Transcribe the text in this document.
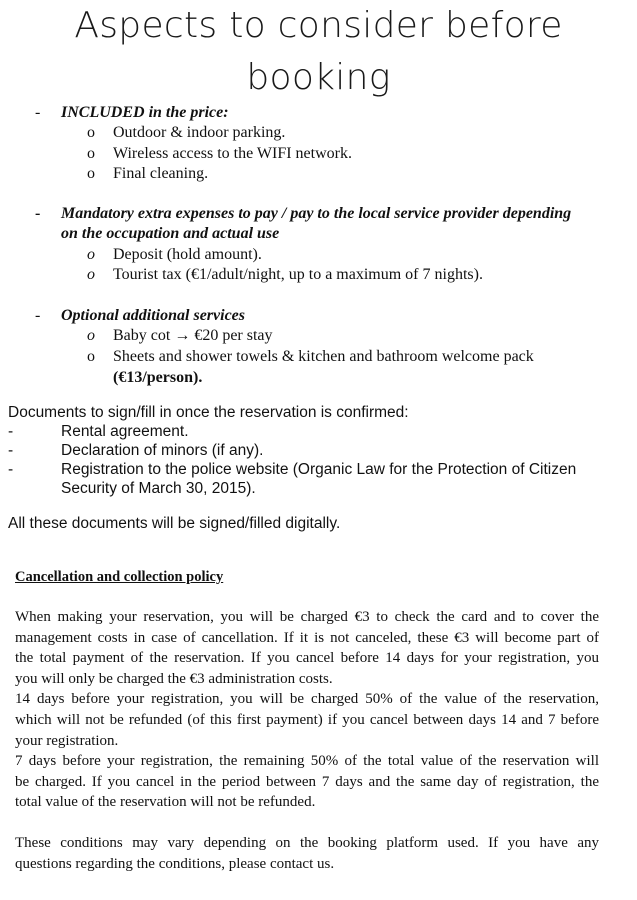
Aspects to consider before
booking
- INCLUDED in the price:
o Outdoor & indoor parking.
o Wireless access to the WIFI network.
o Final cleaning.
- Mandatory extra expenses to pay / pay to the local service provider depending
on the occupation and actual use
o Deposit (hold amount).
o Tourist tax (€1/adult/night, up to a maximum of 7 nights).
- Optional additional services
o Baby cot → €20 per stay
o Sheets and shower towels & kitchen and bathroom welcome pack
(€13/person).
Documents to sign/fill in once the reservation is confirmed:
-	Rental agreement.
-	Declaration of minors (if any).
-	Registration to the police website (Organic Law for the Protection of Citizen
Security of March 30, 2015).
All these documents will be signed/filled digitally.
Cancellation and collection policy
When making your reservation, you will be charged €3 to check the card and to cover the
management costs in case of cancellation. If it is not canceled, these €3 will become part of
the total payment of the reservation. If you cancel before 14 days for your registration, you
you will only be charged the €3 administration costs.
14 days before your registration, you will be charged 50% of the value of the reservation,
which will not be refunded (of this first payment) if you cancel between days 14 and 7 before
your registration.
7 days before your registration, the remaining 50% of the total value of the reservation will
be charged. If you cancel in the period between 7 days and the same day of registration, the
total value of the reservation will not be refunded.
These conditions may vary depending on the booking platform used. If you have any
questions regarding the conditions, please contact us.
